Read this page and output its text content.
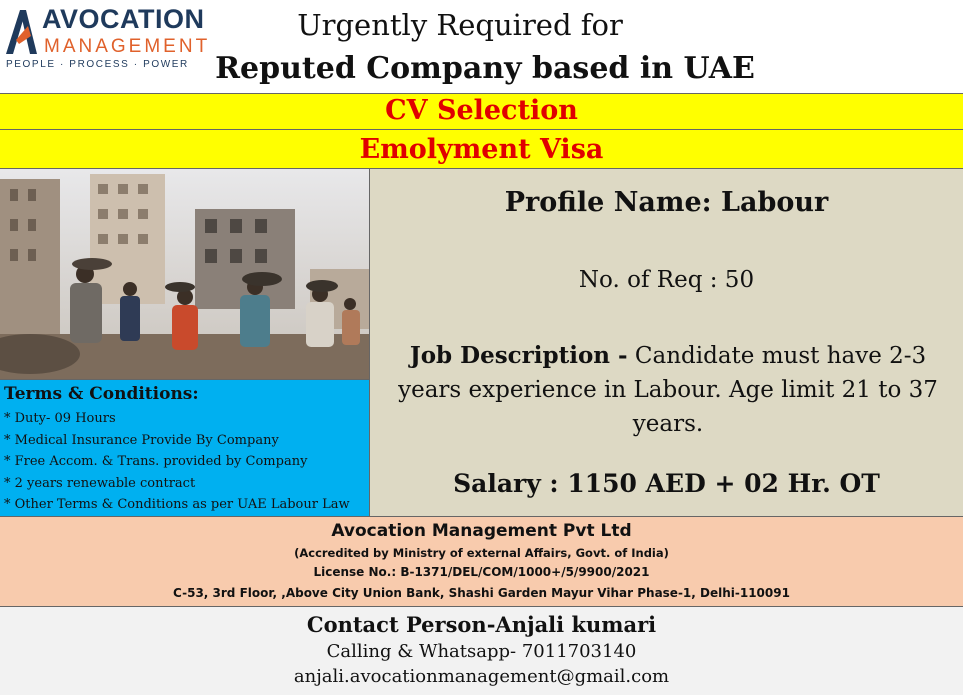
AVOCATION
MANAGEMENT
PEOPLE · PROCESS · POWER
Urgently Required for
Reputed Company based in UAE
CV Selection
Emolyment Visa
Terms & Conditions:
* Duty- 09 Hours
* Medical Insurance Provide By Company
* Free Accom. & Trans. provided by Company
* 2 years renewable contract
* Other Terms & Conditions as per UAE Labour Law
Profile Name: Labour
No. of Req : 50
Job Description - Candidate must have 2-3 years experience in Labour. Age limit 21 to 37 years.
Salary : 1150 AED + 02 Hr. OT
Avocation Management Pvt Ltd
(Accredited by Ministry of external Affairs, Govt. of India)
License No.: B-1371/DEL/COM/1000+/5/9900/2021
C-53, 3rd Floor, ,Above City Union Bank, Shashi Garden Mayur Vihar Phase-1, Delhi-110091
Contact Person-Anjali kumari
Calling & Whatsapp- 7011703140
anjali.avocationmanagement@gmail.com
